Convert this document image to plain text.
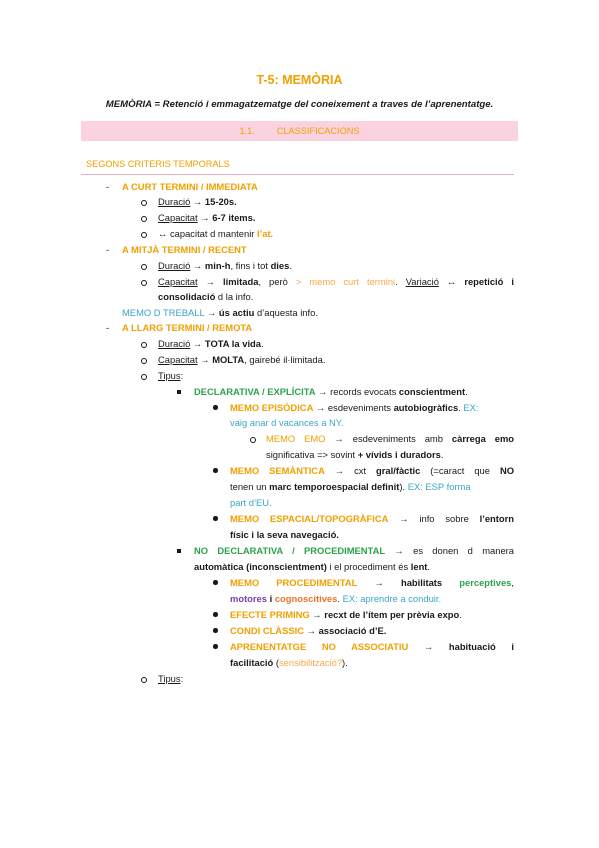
T-5: MEMÒRIA
MEMÒRIA = Retenció i emmagatzematge del coneixement a traves de l’aprenentatge.
1.1. CLASSIFICACIONS
SEGONS CRITERIS TEMPORALS
- A CURT TERMINI / IMMEDIATA
Duració → 15-20s.
Capacitat → 6-7 items.
↔ capacitat d mantenir l’at.
- A MITJÀ TERMINI / RECENT
Duració → min-h, fins i tot dies.
Capacitat → limitada, però > memo curt termini. Variació ↔ repetició i
consolidació d la info.
MEMO D TREBALL → ús actiu d’aquesta info.
- A LLARG TERMINI / REMOTA
Duració → TOTA la vida.
Capacitat → MOLTA, gairebé il·limitada.
Tipus:
DECLARATIVA / EXPLÍCITA → records evocats conscientment.
MEMO EPISÒDICA → esdeveniments autobiogràfics. EX:
vaig anar d vacances a NY.
MEMO EMO → esdeveniments amb càrrega emo
significativa => sovint + vívids i duradors.
MEMO SEMÀNTICA → cxt gral/fàctic (=caract que NO
tenen un marc temporoespacial definit). EX: ESP forma
part d’EU.
MEMO ESPACIAL/TOPOGRÀFICA → info sobre l’entorn
físic i la seva navegació.
NO DECLARATIVA / PROCEDIMENTAL → es donen d manera
automàtica (inconscientment) i el procediment és lent.
MEMO PROCEDIMENTAL → habilitats perceptives,
motores i cognoscitives. EX: aprendre a conduir.
EFECTE PRIMING → recxt de l’ítem per prèvia expo.
CONDI CLÀSSIC → associació d’E.
APRENENTATGE NO ASSOCIATIU → habituació i
facilitació (sensibilització?).
Tipus:
